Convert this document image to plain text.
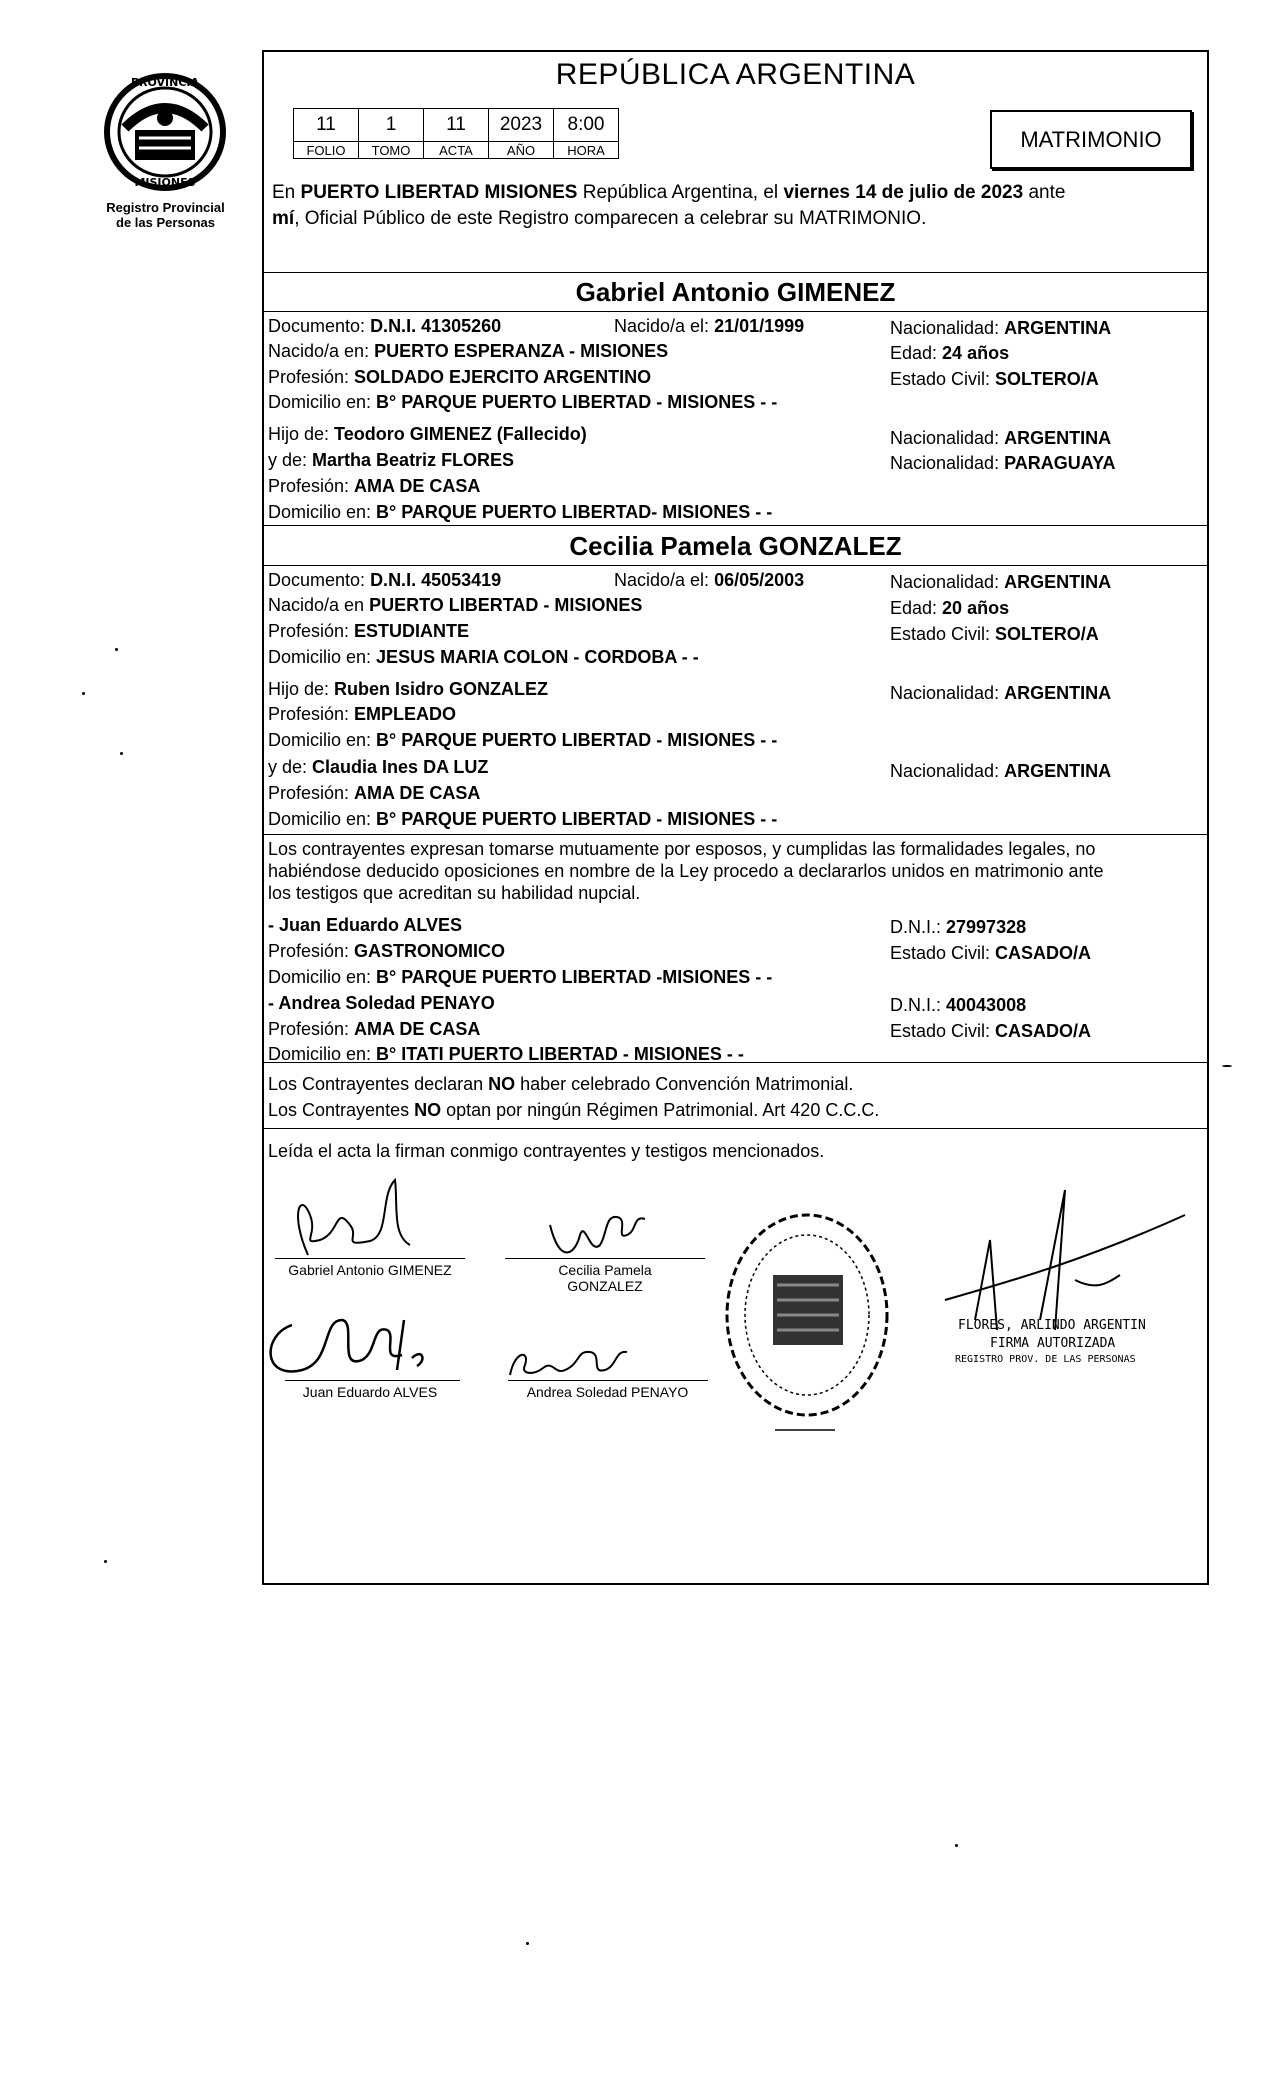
PROVINCIA
MISIONES
Registro Provincial
de las Personas
REPÚBLICA ARGENTINA
11	1	11	2023	8:00
FOLIO	TOMO	ACTA	AÑO	HORA	MATRIMONIO
En PUERTO LIBERTAD MISIONES República Argentina, el viernes 14 de julio de 2023 ante
mí, Oficial Público de este Registro comparecen a celebrar su MATRIMONIO.
Gabriel Antonio GIMENEZ
Documento: D.N.I. 41305260	Nacido/a el: 21/01/1999	Nacionalidad: ARGENTINA
Nacido/a en: PUERTO ESPERANZA - MISIONES	Edad: 24 años
Profesión: SOLDADO EJERCITO ARGENTINO	Estado Civil: SOLTERO/A
Domicilio en: B° PARQUE PUERTO LIBERTAD - MISIONES - -
Hijo de: Teodoro GIMENEZ (Fallecido)	Nacionalidad: ARGENTINA
y de: Martha Beatriz FLORES	Nacionalidad: PARAGUAYA
Profesión: AMA DE CASA
Domicilio en: B° PARQUE PUERTO LIBERTAD- MISIONES - -
Cecilia Pamela GONZALEZ
Documento: D.N.I. 45053419	Nacido/a el: 06/05/2003	Nacionalidad: ARGENTINA
Nacido/a en PUERTO LIBERTAD - MISIONES	Edad: 20 años
Profesión: ESTUDIANTE	Estado Civil: SOLTERO/A
Domicilio en: JESUS MARIA COLON - CORDOBA - -
Hijo de: Ruben Isidro GONZALEZ	Nacionalidad: ARGENTINA
Profesión: EMPLEADO
Domicilio en: B° PARQUE PUERTO LIBERTAD - MISIONES - -
y de: Claudia Ines DA LUZ	Nacionalidad: ARGENTINA
Profesión: AMA DE CASA
Domicilio en: B° PARQUE PUERTO LIBERTAD - MISIONES - -
Los contrayentes expresan tomarse mutuamente por esposos, y cumplidas las formalidades legales, no
habiéndose deducido oposiciones en nombre de la Ley procedo a declararlos unidos en matrimonio ante
los testigos que acreditan su habilidad nupcial.
- Juan Eduardo ALVES	D.N.I.: 27997328
Profesión: GASTRONOMICO	Estado Civil: CASADO/A
Domicilio en: B° PARQUE PUERTO LIBERTAD -MISIONES - -
- Andrea Soledad PENAYO	D.N.I.: 40043008
Profesión: AMA DE CASA	Estado Civil: CASADO/A
Domicilio en: B° ITATI PUERTO LIBERTAD - MISIONES - -
Los Contrayentes declaran NO haber celebrado Convención Matrimonial.
Los Contrayentes NO optan por ningún Régimen Patrimonial. Art 420 C.C.C.
Leída el acta la firman conmigo contrayentes y testigos mencionados.
Gabriel Antonio GIMENEZ	Cecilia Pamela
GONZALEZ
Juan Eduardo ALVES	Andrea Soledad PENAYO
FLORES, ARLINDO ARGENTIN
FIRMA AUTORIZADA
REGISTRO PROV. DE LAS PERSONAS
